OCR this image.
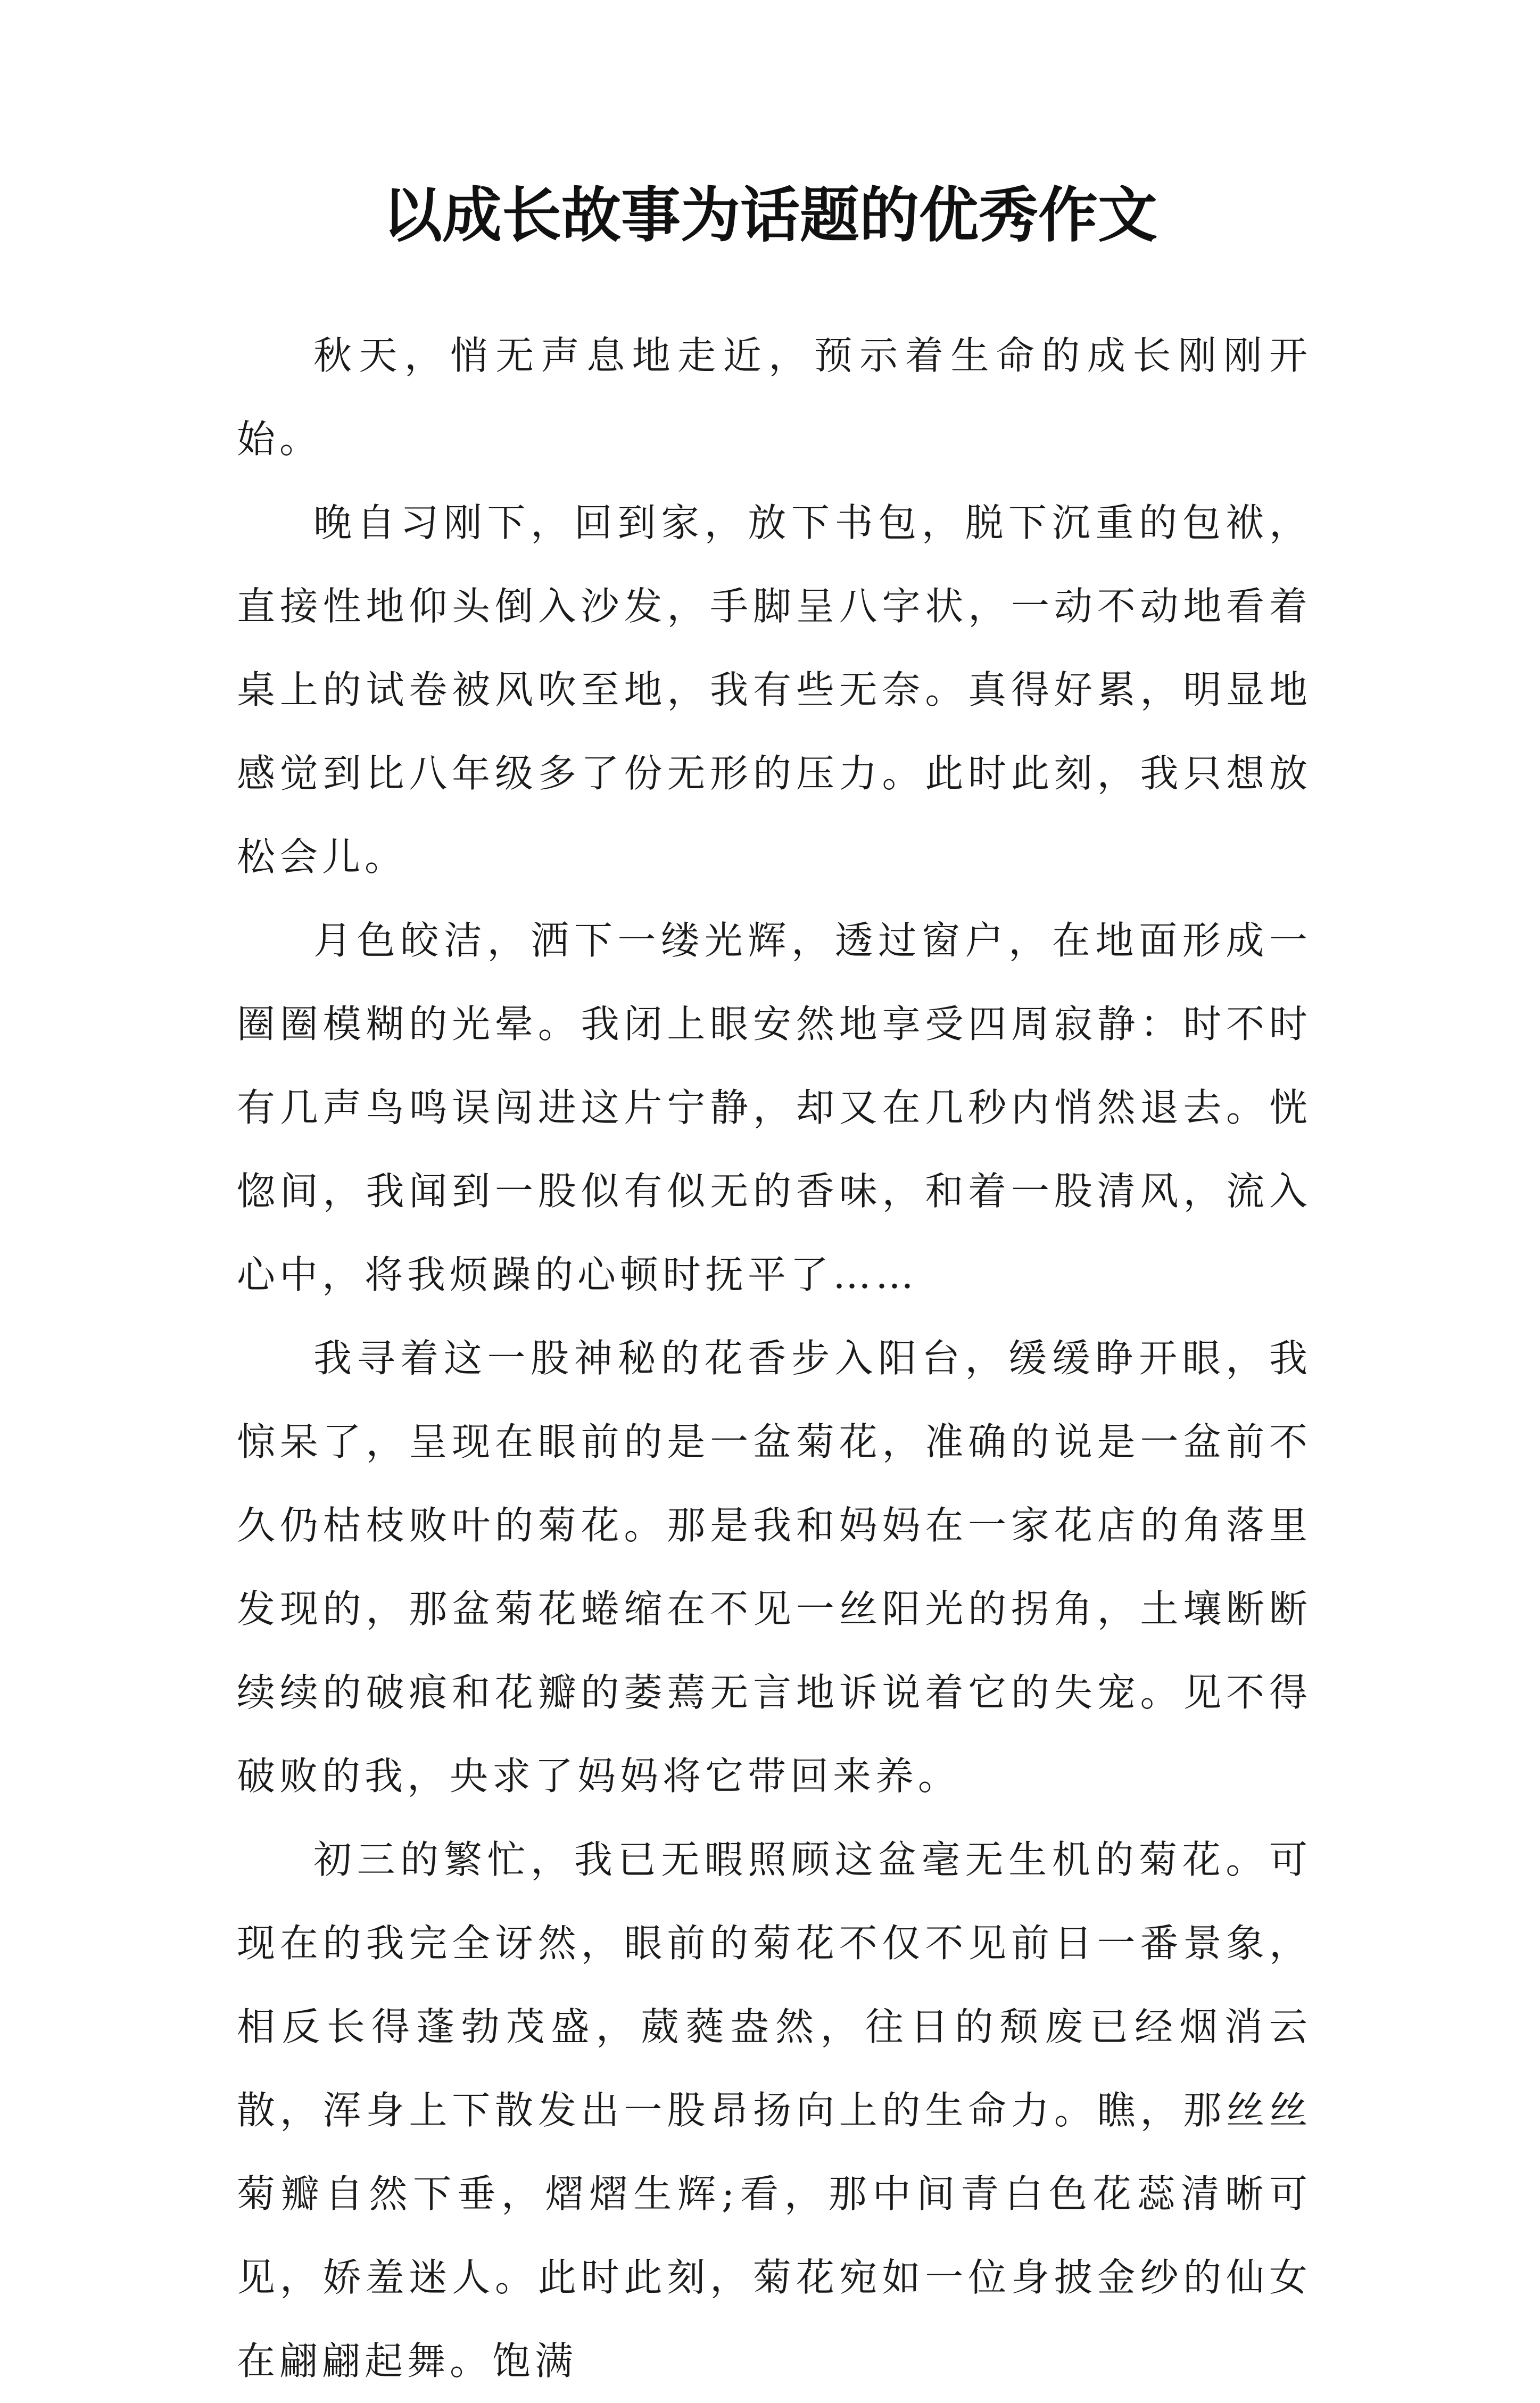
以成长故事为话题的优秀作文

秋天，悄无声息地走近，预示着生命的成长刚刚开始。

晚自习刚下，回到家，放下书包，脱下沉重的包袱，直接性地仰头倒入沙发，手脚呈八字状，一动不动地看着桌上的试卷被风吹至地，我有些无奈。真得好累，明显地感觉到比八年级多了份无形的压力。此时此刻，我只想放松会儿。

月色皎洁，洒下一缕光辉，透过窗户，在地面形成一圈圈模糊的光晕。我闭上眼安然地享受四周寂静：时不时有几声鸟鸣误闯进这片宁静，却又在几秒内悄然退去。恍惚间，我闻到一股似有似无的香味，和着一股清风，流入心中，将我烦躁的心顿时抚平了……

我寻着这一股神秘的花香步入阳台，缓缓睁开眼，我惊呆了，呈现在眼前的是一盆菊花，准确的说是一盆前不久仍枯枝败叶的菊花。那是我和妈妈在一家花店的角落里发现的，那盆菊花蜷缩在不见一丝阳光的拐角，土壤断断续续的破痕和花瓣的萎蔫无言地诉说着它的失宠。见不得破败的我，央求了妈妈将它带回来养。

初三的繁忙，我已无暇照顾这盆毫无生机的菊花。可现在的我完全讶然，眼前的菊花不仅不见前日一番景象，相反长得蓬勃茂盛，葳蕤盎然，往日的颓废已经烟消云散，浑身上下散发出一股昂扬向上的生命力。瞧，那丝丝菊瓣自然下垂，熠熠生辉;看，那中间青白色花蕊清晰可见，娇羞迷人。此时此刻，菊花宛如一位身披金纱的仙女在翩翩起舞。饱满
